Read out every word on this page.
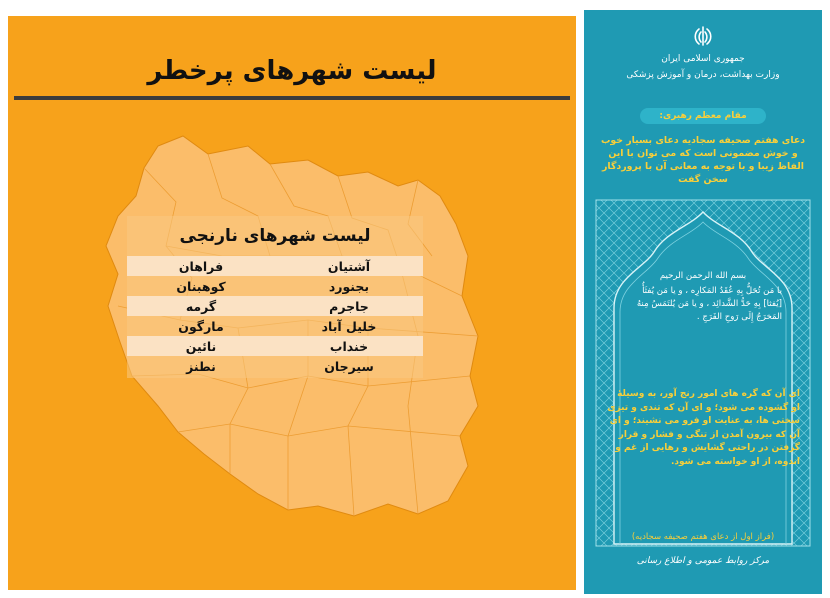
لیست شهرهای پرخطر
لیست شهرهای نارنجی
آشتیان	فراهان
بجنورد	کوهبنان
جاجرم	گرمه
خلیل آباد	مارگون
خنداب	نائین
سیرجان	نطنز
جمهوری اسلامی ایران
وزارت بهداشت، درمان و آموزش پزشکی
مقام معظم رهبری:
دعای هفتم صحیفه سجادیه دعای بسیار خوب و خوش مضمونی است که می توان با این الفاظ زیبا و با توجه به معانی آن با پروردگار سخن گفت
بسم الله الرحمن الرحیم
یا مَن تُحَلُّ بِهِ عُقَدُ المَکارِه ، و یا مَن یُفثَأُ [یُفثا] بِهِ حَدُّ الشَّدائِد ، و یا مَن یُلتَمَسُ مِنهُ المَخرَجُ إِلَى رَوحِ الفَرَجِ .
ای آن که گره های امور رنج آور، به وسیلۀ او گشوده می شود؛ و ای آن که تندی و تیزی سختی ها، به عنایت او فرو می نشیند؛ و ای آن که بیرون آمدن از تنگی و فشار و قرار گرفتن در راحتی گشایش و رهایی از غم و اندوه، از او خواسته می شود.
(فراز اول از دعای هفتم صحیفه سجادیه)
مرکز روابط عمومی و اطلاع رسانی
